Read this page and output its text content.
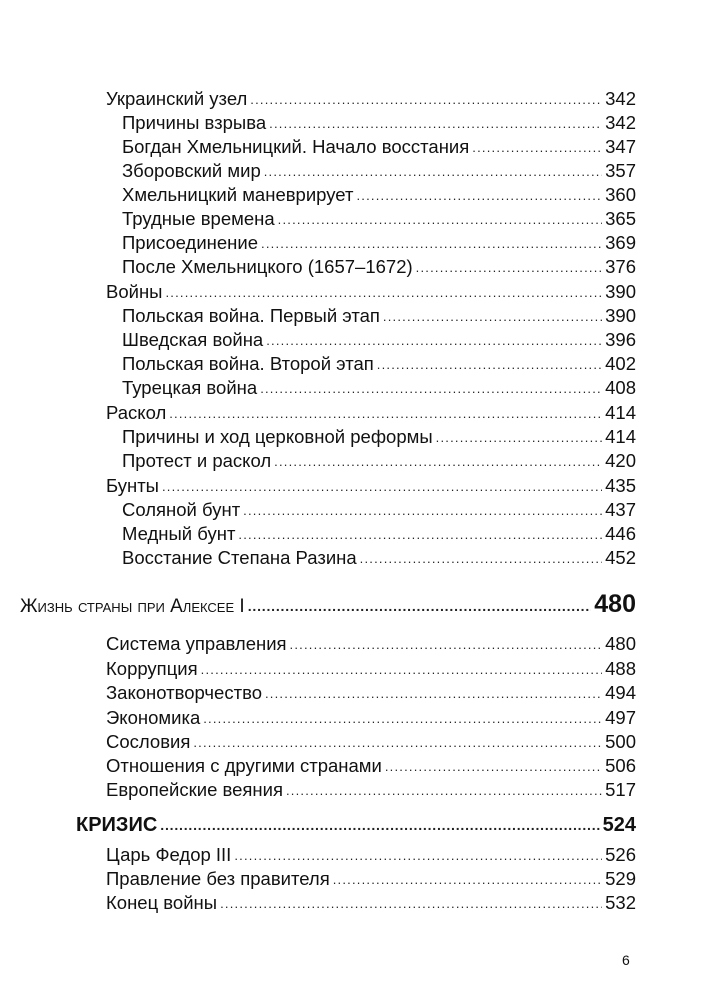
Украинский узел .....	342
Причины взрыва .....	342
Богдан Хмельницкий. Начало восстания .....	347
Зборовский мир .....	357
Хмельницкий маневрирует .....	360
Трудные времена .....	365
Присоединение .....	369
После Хмельницкого (1657–1672) .....	376
Войны .....	390
Польская война. Первый этап .....	390
Шведская война .....	396
Польская война. Второй этап .....	402
Турецкая война .....	408
Раскол .....	414
Причины и ход церковной реформы .....	414
Протест и раскол .....	420
Бунты .....	435
Соляной бунт .....	437
Медный бунт .....	446
Восстание Степана Разина .....	452
Жизнь страны при Алексее I .....	480
Система управления .....	480
Коррупция .....	488
Законотворчество .....	494
Экономика .....	497
Сословия .....	500
Отношения с другими странами .....	506
Европейские веяния .....	517
КРИЗИС .....	524
Царь Федор III .....	526
Правление без правителя .....	529
Конец войны .....	532
6
